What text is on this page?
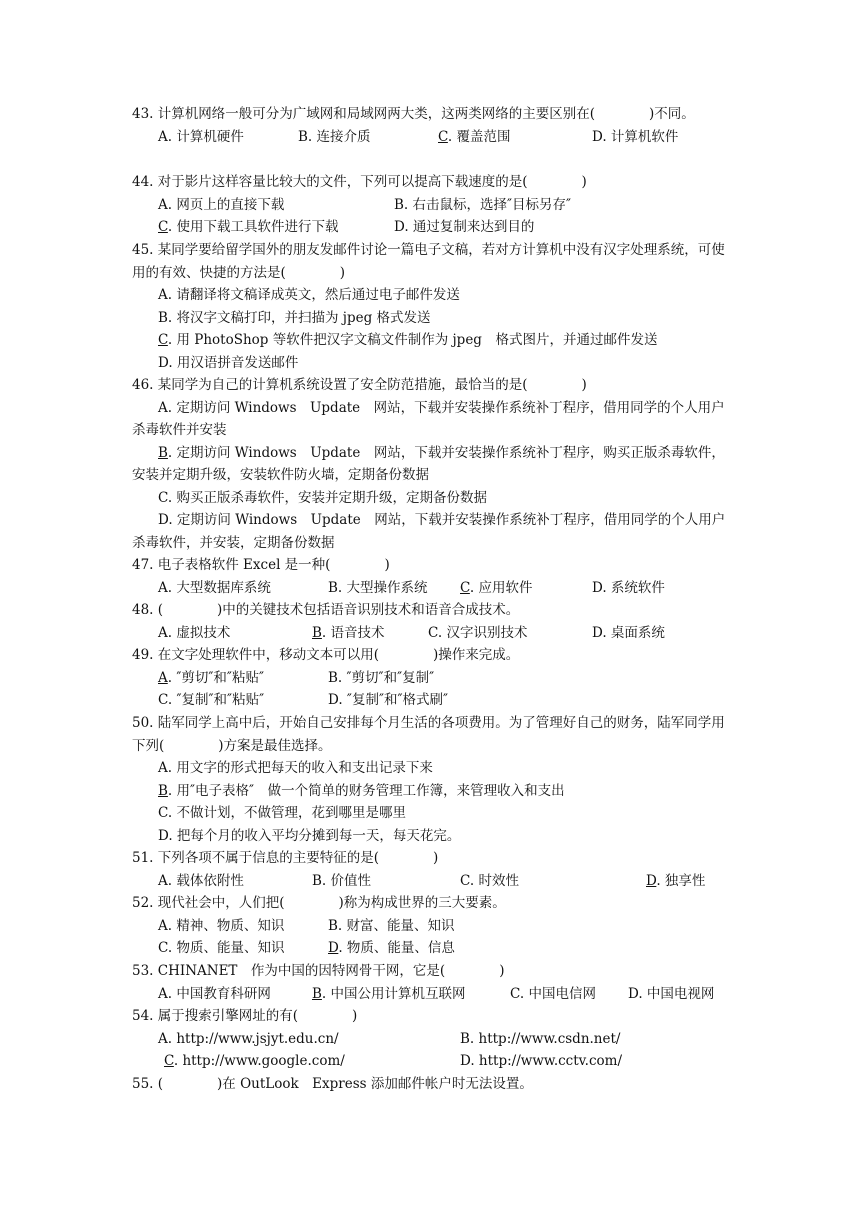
43. 计算机网络一般可分为广域网和局域网两大类，这两类网络的主要区别在(　　　　)不同。
A. 计算机硬件	B. 连接介质	C. 覆盖范围	D. 计算机软件
44. 对于影片这样容量比较大的文件，下列可以提高下载速度的是(　　　　)
A. 网页上的直接下载	B. 右击鼠标，选择″目标另存″
C. 使用下载工具软件进行下载	D. 通过复制来达到目的
45. 某同学要给留学国外的朋友发邮件讨论一篇电子文稿，若对方计算机中没有汉字处理系统，可使用的有效、快捷的方法是(　　　　)
A. 请翻译将文稿译成英文，然后通过电子邮件发送
B. 将汉字文稿打印，并扫描为 jpeg 格式发送
C. 用 PhotoShop 等软件把汉字文稿文件制作为 jpeg　格式图片，并通过邮件发送
D. 用汉语拼音发送邮件
46. 某同学为自己的计算机系统设置了安全防范措施，最恰当的是(　　　　)
A. 定期访问 Windows　Update　网站，下载并安装操作系统补丁程序，借用同学的个人用户杀毒软件并安装
B. 定期访问 Windows　Update　网站，下载并安装操作系统补丁程序，购买正版杀毒软件，安装并定期升级，安装软件防火墙，定期备份数据
C. 购买正版杀毒软件，安装并定期升级，定期备份数据
D. 定期访问 Windows　Update　网站，下载并安装操作系统补丁程序，借用同学的个人用户杀毒软件，并安装，定期备份数据
47. 电子表格软件 Excel 是一种(　　　　)
A. 大型数据库系统	B. 大型操作系统 C. 应用软件	D. 系统软件
48. (　　　　)中的关键技术包括语音识别技术和语音合成技术。
A. 虚拟技术	B. 语音技术	C. 汉字识别技术	D. 桌面系统
49. 在文字处理软件中，移动文本可以用(　　　　)操作来完成。
A. ″剪切″和″粘贴″	B. ″剪切″和″复制″
C. ″复制″和″粘贴″	D. ″复制″和″格式刷″
50. 陆军同学上高中后，开始自己安排每个月生活的各项费用。为了管理好自己的财务，陆军同学用下列(　　　　)方案是最佳选择。
A. 用文字的形式把每天的收入和支出记录下来
B. 用″电子表格″　做一个简单的财务管理工作簿，来管理收入和支出
C. 不做计划，不做管理，花到哪里是哪里
D. 把每个月的收入平均分摊到每一天，每天花完。
51. 下列各项不属于信息的主要特征的是(　　　　)
A. 载体依附性	B. 价值性	C. 时效性	D. 独享性
52. 现代社会中，人们把(　　　　)称为构成世界的三大要素。
A. 精神、物质、知识	B. 财富、能量、知识
C. 物质、能量、知识	D. 物质、能量、信息
53. CHINANET　作为中国的因特网骨干网，它是(　　　　)
A. 中国教育科研网	B. 中国公用计算机互联网	C. 中国电信网 D. 中国电视网
54. 属于搜索引擎网址的有(　　　　)
A. http://www.jsjyt.edu.cn/	B. http://www.csdn.net/
C. http://www.google.com/	D. http://www.cctv.com/
55. (　　　　)在 OutLook　Express 添加邮件帐户时无法设置。
